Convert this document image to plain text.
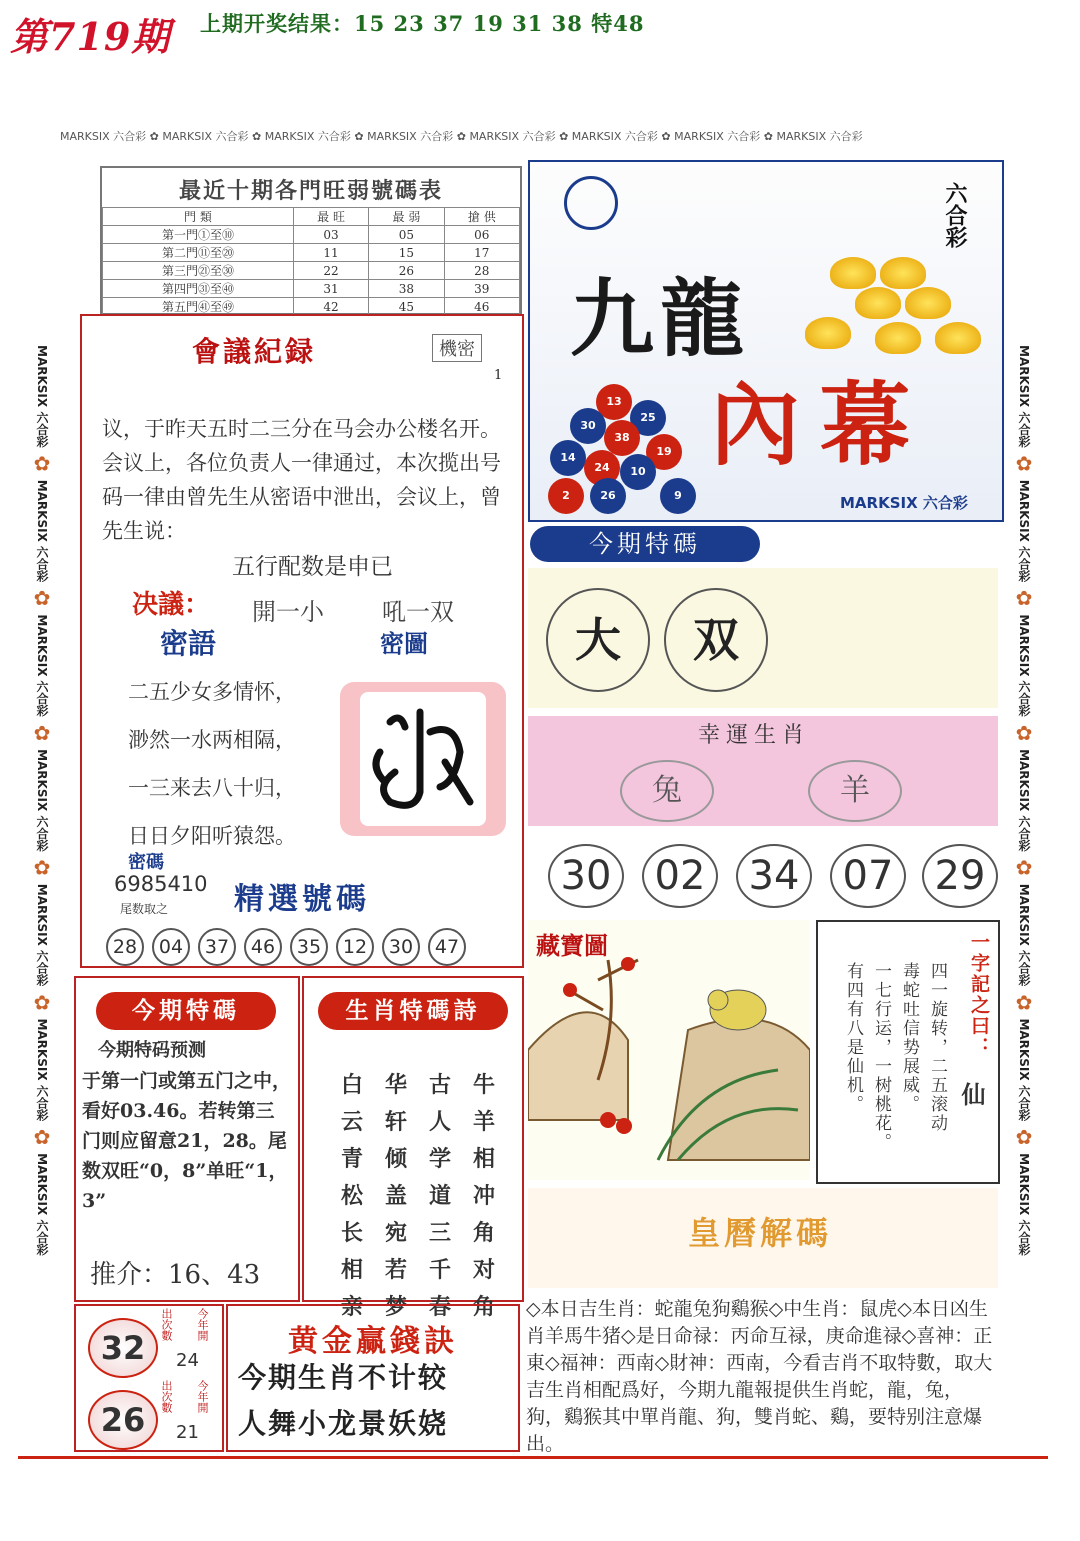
第719期 上期开奖结果：15 23 37 19 31 38 特48
MARKSIX 六合彩 ✿ MARKSIX 六合彩 ✿ MARKSIX 六合彩 ✿ MARKSIX 六合彩 ✿ MARKSIX 六合彩 ✿ MARKSIX 六合彩 ✿ MARKSIX 六合彩
MARKSIX 六合彩 ✿ MARKSIX 六合彩 ✿ MARKSIX 六合彩 ✿ MARKSIX 六合彩 ✿ MARKSIX 六合彩 ✿ MARKSIX 六合彩 ✿ MARKSIX 六合彩
MARKSIX 六合彩 ✿ MARKSIX 六合彩 ✿ MARKSIX 六合彩 ✿ MARKSIX 六合彩 ✿ MARKSIX 六合彩 ✿ MARKSIX 六合彩 ✿ MARKSIX 六合彩 ✿ MARKSIX 六合彩
最近十期各門旺弱號碼表
門 類	最 旺	最 弱	搶 供
第一門①至⑩	03	05	06
第二門⑪至⑳	11	15	17
第三門㉑至㉚	22	26	28
第四門㉛至㊵	31	38	39
第五門㊶至㊾	42	45	46
會議紀録	機密
1
议，于昨天五时二三分在马会办公楼名开。会议上，各位负责人一律通过，本次揽出号码一律由曾先生从密语中泄出，会议上，曾先生说：
五行配数是申已
决議： 開一小 吼一双
密語	密圖
二五少女多情怀，
渺然一水两相隔，
一三来去八十归，
日日夕阳听猿怨。
密碼
6985410
尾数取之 精選號碼
28	04	37	46	35	12	30	47
六合彩
九龍
內幕
13
25
30
38
19
14
24	10
26
2	9	MARKSIX 六合彩
今期特碼
大	双
幸運生肖
兔	羊
30	02	34	07	29
藏寶圖	一字記之曰：
仙
四一旋转，二五滚动
毒蛇吐信势展威。
一七行运，一树桃花。
有四有八是仙机。
皇曆解碼
◇本日吉生肖：蛇龍兔狗鷄猴◇中生肖：鼠虎◇本日凶生肖羊馬牛猪◇是日命禄：丙命互禄，庚命進禄◇喜神：正東◇福神：西南◇財神：西南，今看吉肖不取特數，取大吉生肖相配爲好，今期九龍報提供生肖蛇，龍，兔，狗，鷄猴其中單肖龍、狗，雙肖蛇、鷄，要特别注意爆出。
今期特碼
今期特码预测
于第一门或第五门之中，看好03.46。若转第三门则应留意21，28。尾数双旺“0，8”单旺“1，3”
推介：16、43
生肖特碼詩
白 华 古 牛
云 轩 人 羊
青 倾 学 相
松 盖 道 冲
长 宛 三 角
相 若 千 对
亲 梦 春 角
32
26
出次數 今年開
24
出次數 今年開
21
黄金赢錢訣
今期生肖不计较
人舞小龙景妖娆
